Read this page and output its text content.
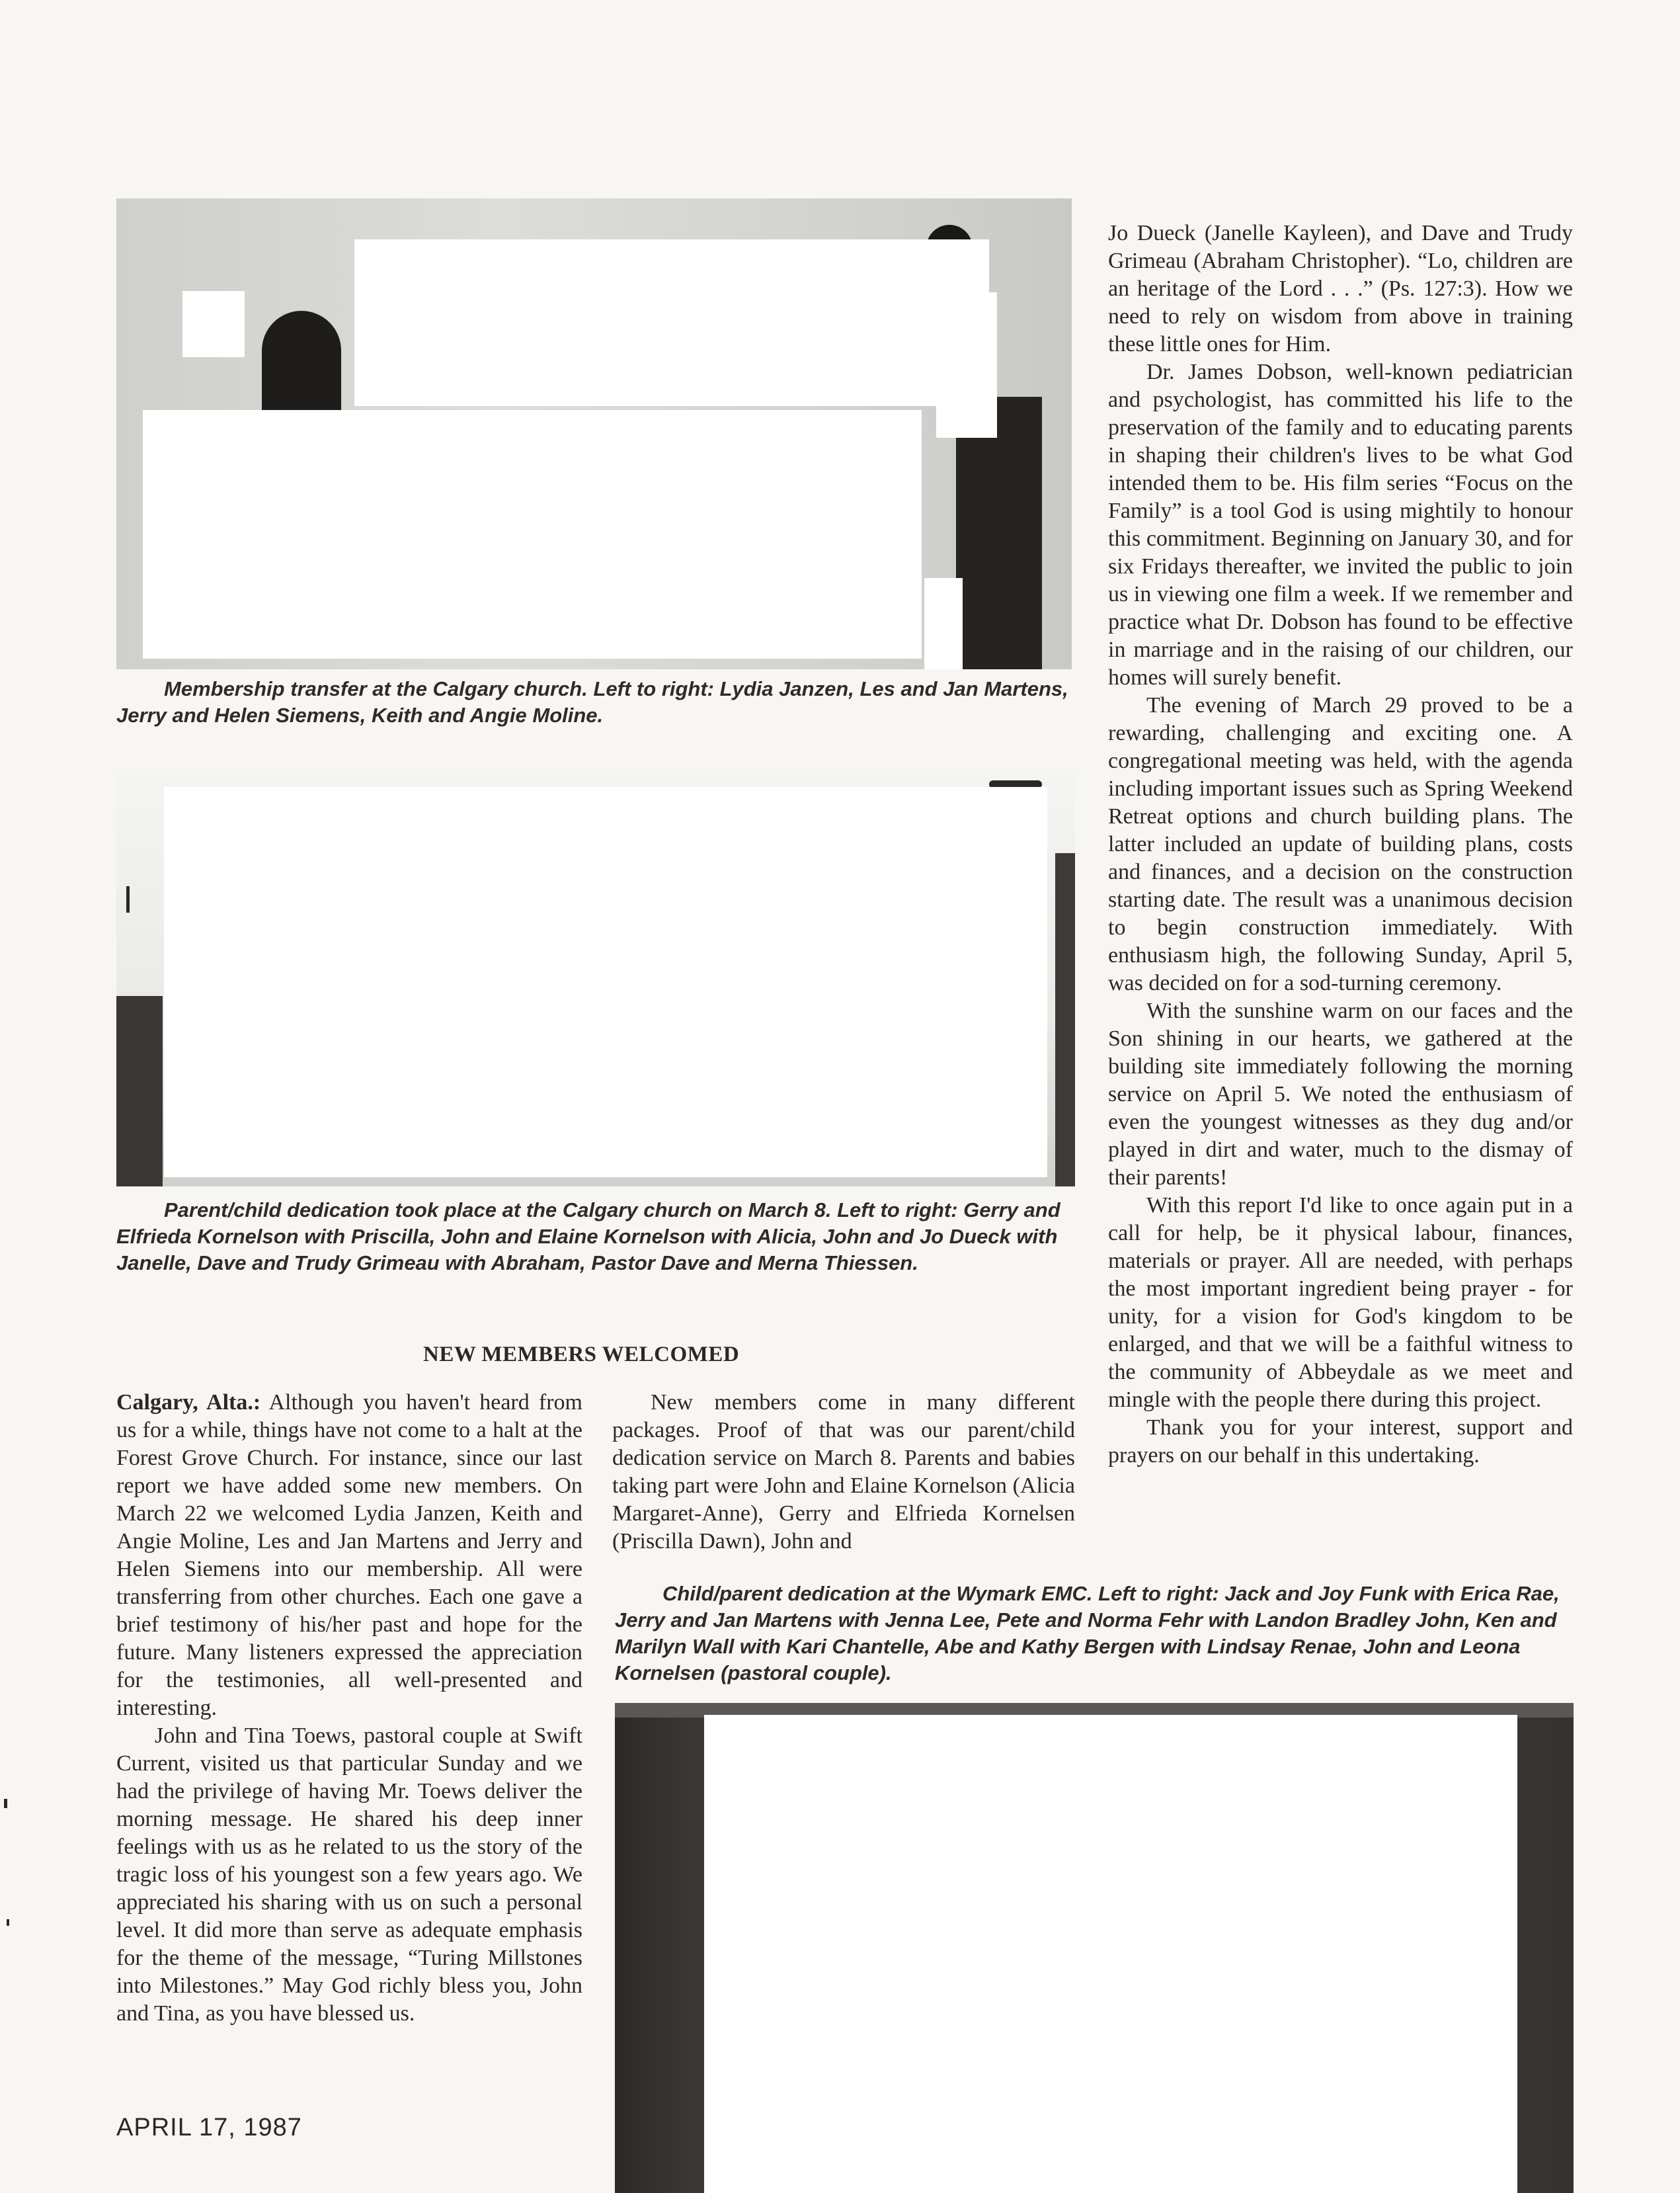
Membership transfer at the Calgary church. Left to right: Lydia Janzen, Les and Jan Martens, Jerry and Helen Siemens, Keith and Angie Moline.
Parent/child dedication took place at the Calgary church on March 8. Left to right: Gerry and Elfrieda Kornelson with Priscilla, John and Elaine Kornelson with Alicia, John and Jo Dueck with Janelle, Dave and Trudy Grimeau with Abraham, Pastor Dave and Merna Thiessen.
NEW MEMBERS WELCOMED

Calgary, Alta.: Although you haven't heard from us for a while, things have not come to a halt at the Forest Grove Church. For instance, since our last report we have added some new members. On March 22 we welcomed Lydia Janzen, Keith and Angie Moline, Les and Jan Martens and Jerry and Helen Siemens into our membership. All were transferring from other churches. Each one gave a brief testimony of his/her past and hope for the future. Many listeners expressed the appreciation for the testimonies, all well-presented and interesting.

John and Tina Toews, pastoral couple at Swift Current, visited us that particular Sunday and we had the privilege of having Mr. Toews deliver the morning message. He shared his deep inner feelings with us as he related to us the story of the tragic loss of his youngest son a few years ago. We appreciated his sharing with us on such a personal level. It did more than serve as adequate emphasis for the theme of the message, “Turing Millstones into Milestones.” May God richly bless you, John and Tina, as you have blessed us.

New members come in many different packages. Proof of that was our parent/child dedication service on March 8. Parents and babies taking part were John and Elaine Kornelson (Alicia Margaret-Anne), Gerry and Elfrieda Kornelsen (Priscilla Dawn), John and

Jo Dueck (Janelle Kayleen), and Dave and Trudy Grimeau (Abraham Christopher). “Lo, children are an heritage of the Lord . . .” (Ps. 127:3). How we need to rely on wisdom from above in training these little ones for Him.

Dr. James Dobson, well-known pediatrician and psychologist, has committed his life to the preservation of the family and to educating parents in shaping their children's lives to be what God intended them to be. His film series “Focus on the Family” is a tool God is using mightily to honour this commitment. Beginning on January 30, and for six Fridays thereafter, we invited the public to join us in viewing one film a week. If we remember and practice what Dr. Dobson has found to be effective in marriage and in the raising of our children, our homes will surely benefit.

The evening of March 29 proved to be a rewarding, challenging and exciting one. A congregational meeting was held, with the agenda including important issues such as Spring Weekend Retreat options and church building plans. The latter included an update of building plans, costs and finances, and a decision on the construction starting date. The result was a unanimous decision to begin construction immediately. With enthusiasm high, the following Sunday, April 5, was decided on for a sod-turning ceremony.

With the sunshine warm on our faces and the Son shining in our hearts, we gathered at the building site immediately following the morning service on April 5. We noted the enthusiasm of even the youngest witnesses as they dug and/or played in dirt and water, much to the dismay of their parents!

With this report I'd like to once again put in a call for help, be it physical labour, finances, materials or prayer. All are needed, with perhaps the most important ingredient being prayer - for unity, for a vision for God's kingdom to be enlarged, and that we will be a faithful witness to the community of Abbeydale as we meet and mingle with the people there during this project.

Thank you for your interest, support and prayers on our behalf in this undertaking.

Child/parent dedication at the Wymark EMC. Left to right: Jack and Joy Funk with Erica Rae, Jerry and Jan Martens with Jenna Lee, Pete and Norma Fehr with Landon Bradley John, Ken and Marilyn Wall with Kari Chantelle, Abe and Kathy Bergen with Lindsay Renae, John and Leona Kornelsen (pastoral couple).
APRIL 17, 1987
